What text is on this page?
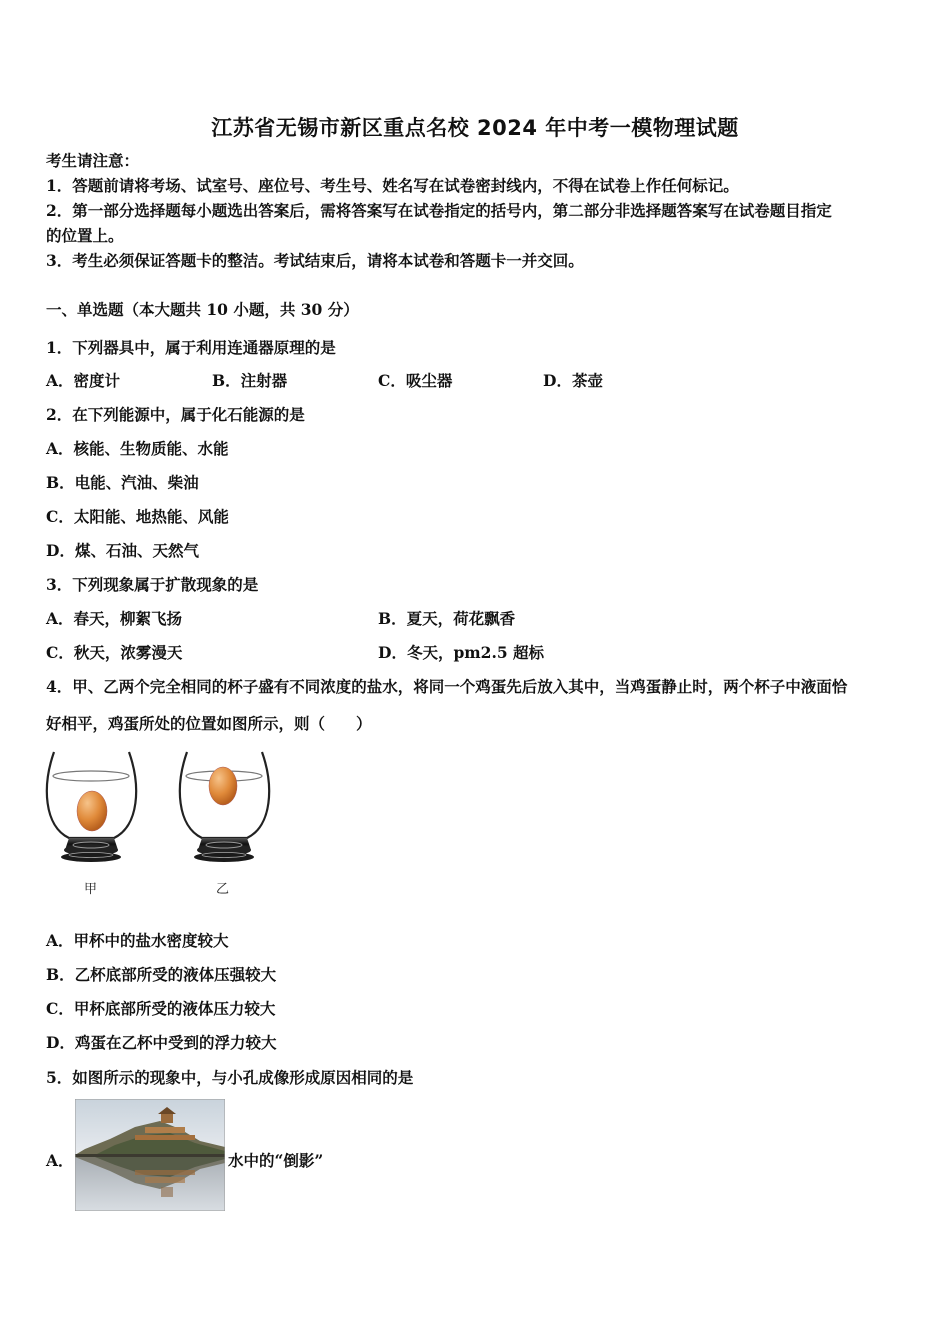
江苏省无锡市新区重点名校 2024 年中考一模物理试题
考生请注意：
1．答题前请将考场、试室号、座位号、考生号、姓名写在试卷密封线内，不得在试卷上作任何标记。
2．第一部分选择题每小题选出答案后，需将答案写在试卷指定的括号内，第二部分非选择题答案写在试卷题目指定
的位置上。
3．考生必须保证答题卡的整洁。考试结束后，请将本试卷和答题卡一并交回。
一、单选题（本大题共 10 小题，共 30 分）
1．下列器具中，属于利用连通器原理的是
A．密度计	B．注射器	C．吸尘器	D．茶壶
2．在下列能源中，属于化石能源的是
A．核能、生物质能、水能
B．电能、汽油、柴油
C．太阳能、地热能、风能
D．煤、石油、天然气
3．下列现象属于扩散现象的是
A．春天，柳絮飞扬	B．夏天，荷花飘香
C．秋天，浓雾漫天	D．冬天，pm2.5 超标
4．甲、乙两个完全相同的杯子盛有不同浓度的盐水，将同一个鸡蛋先后放入其中，当鸡蛋静止时，两个杯子中液面恰
好相平，鸡蛋所处的位置如图所示，则（　　）
甲	乙
A．甲杯中的盐水密度较大
B．乙杯底部所受的液体压强较大
C．甲杯底部所受的液体压力较大
D．鸡蛋在乙杯中受到的浮力较大
5．如图所示的现象中，与小孔成像形成原因相同的是
A．	水中的“倒影”
